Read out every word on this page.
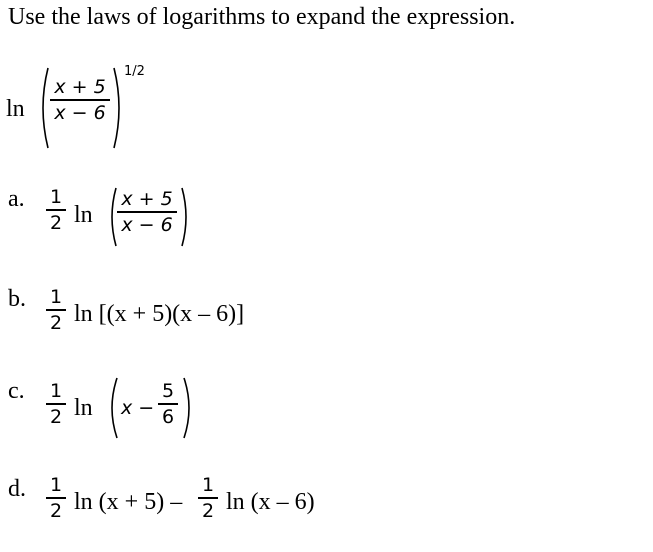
Use the laws of logarithms to expand the expression.
ln
x + 5
x − 6
1/2
a. 1
2 ln
x + 5
x − 6
b. 1
2 ln [(x + 5)(x – 6)]
c. 1
2 ln x −
5
6
d. 1
2 ln (x + 5) –
1
2 ln (x – 6)
